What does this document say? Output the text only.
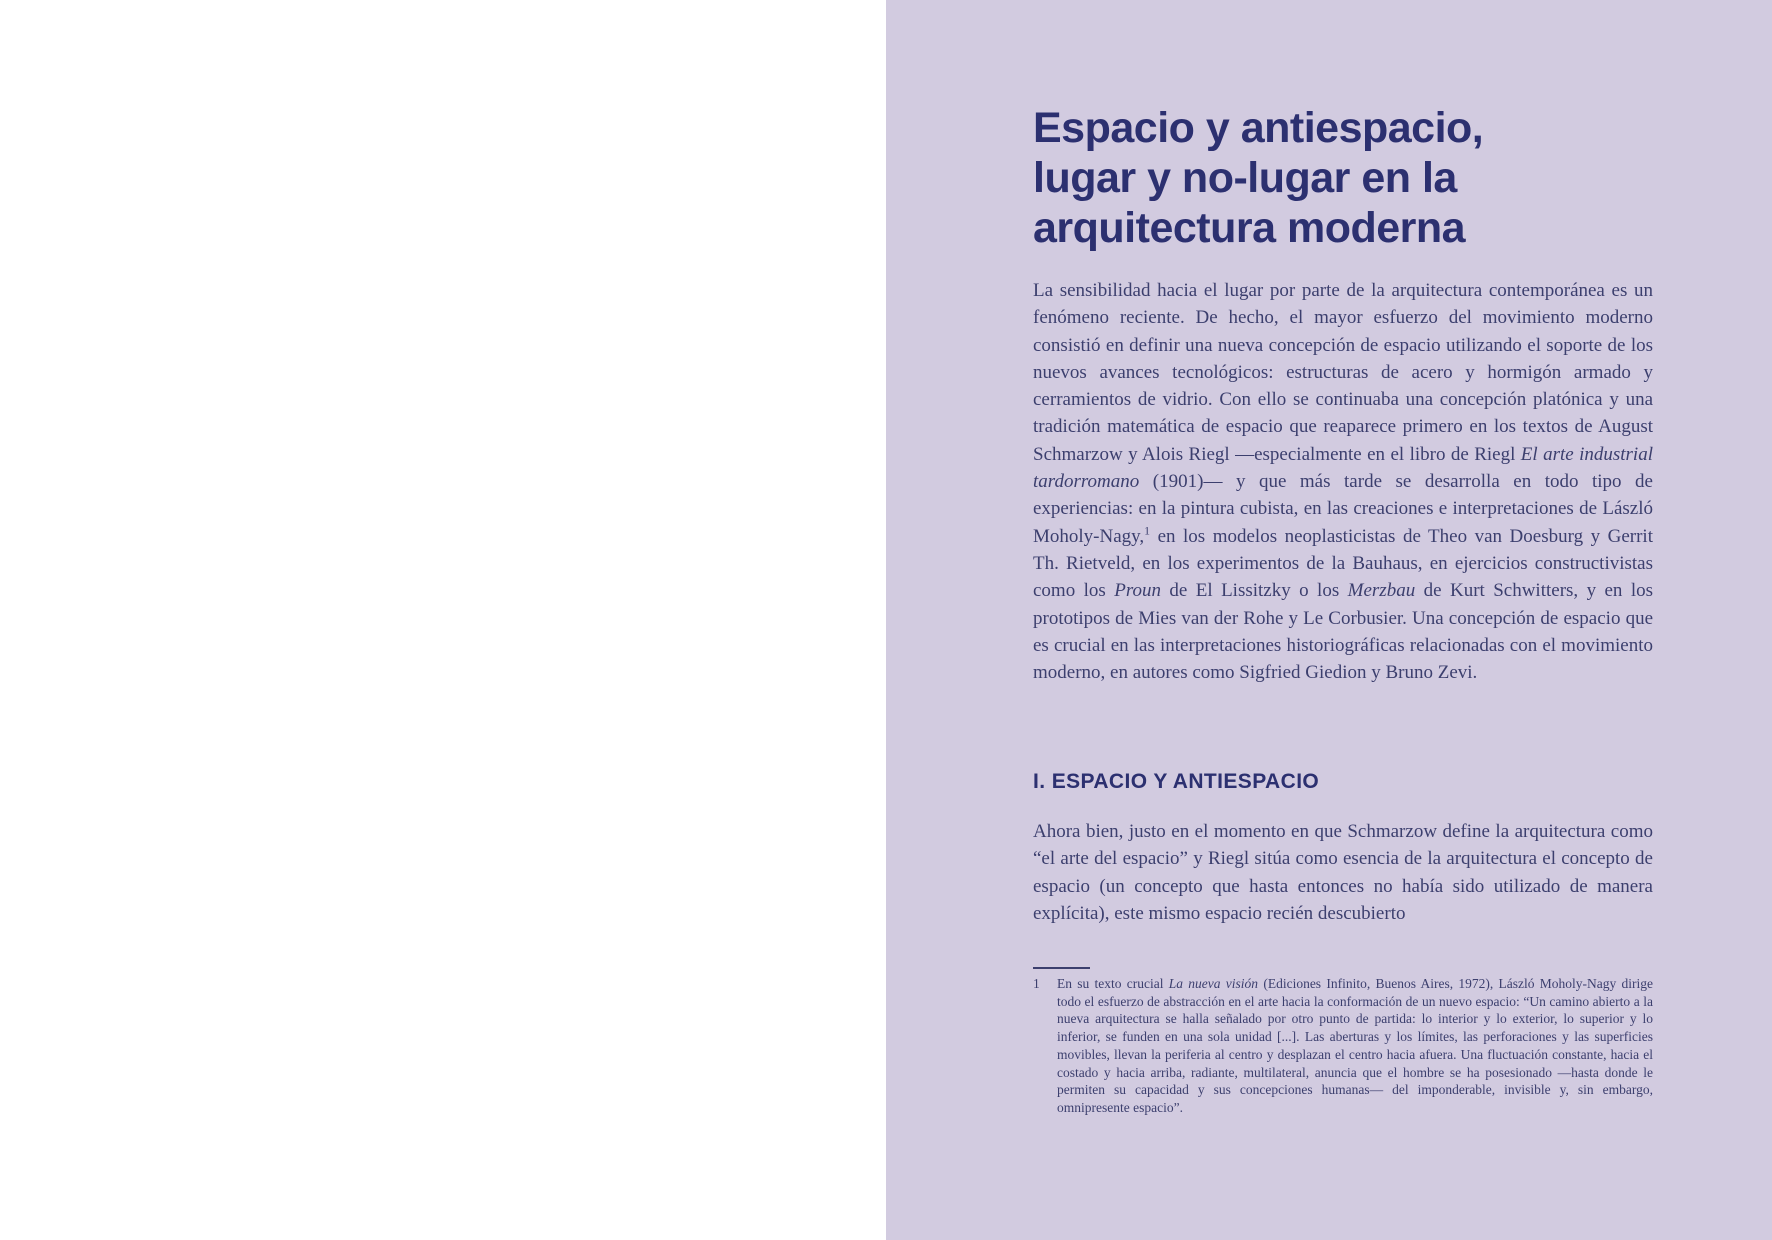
Espacio y antiespacio,
lugar y no-lugar en la
arquitectura moderna

La sensibilidad hacia el lugar por parte de la arquitectura contemporánea es un fenómeno reciente. De hecho, el mayor esfuerzo del movimiento moderno consistió en definir una nueva concepción de espacio utilizando el soporte de los nuevos avances tecnológicos: estructuras de acero y hormigón armado y cerramientos de vidrio. Con ello se continuaba una concepción platónica y una tradición matemática de espacio que reaparece primero en los textos de August Schmarzow y Alois Riegl —especialmente en el libro de Riegl El arte industrial tardorromano (1901)— y que más tarde se desarrolla en todo tipo de experiencias: en la pintura cubista, en las creaciones e interpretaciones de László Moholy-Nagy,$^1$ en los modelos neoplasticistas de Theo van Doesburg y Gerrit Th. Rietveld, en los experimentos de la Bauhaus, en ejercicios constructivistas como los Proun de El Lissitzky o los Merzbau de Kurt Schwitters, y en los prototipos de Mies van der Rohe y Le Corbusier. Una concepción de espacio que es crucial en las interpretaciones historiográficas relacionadas con el movimiento moderno, en autores como Sigfried Giedion y Bruno Zevi.

I. ESPACIO Y ANTIESPACIO

Ahora bien, justo en el momento en que Schmarzow define la arquitectura como “el arte del espacio” y Riegl sitúa como esencia de la arquitectura el concepto de espacio (un concepto que hasta entonces no había sido utilizado de manera explícita), este mismo espacio recién descubierto

1	En su texto crucial La nueva visión (Ediciones Infinito, Buenos Aires, 1972), László Moholy-Nagy dirige todo el esfuerzo de abstracción en el arte hacia la conformación de un nuevo espacio: “Un camino abierto a la nueva arquitectura se halla señalado por otro punto de partida: lo interior y lo exterior, lo superior y lo inferior, se funden en una sola unidad [...]. Las aberturas y los límites, las perforaciones y las superficies movibles, llevan la periferia al centro y desplazan el centro hacia afuera. Una fluctuación constante, hacia el costado y hacia arriba, radiante, multilateral, anuncia que el hombre se ha posesionado —hasta donde le permiten su capacidad y sus concepciones humanas— del imponderable, invisible y, sin embargo, omnipresente espacio”.
